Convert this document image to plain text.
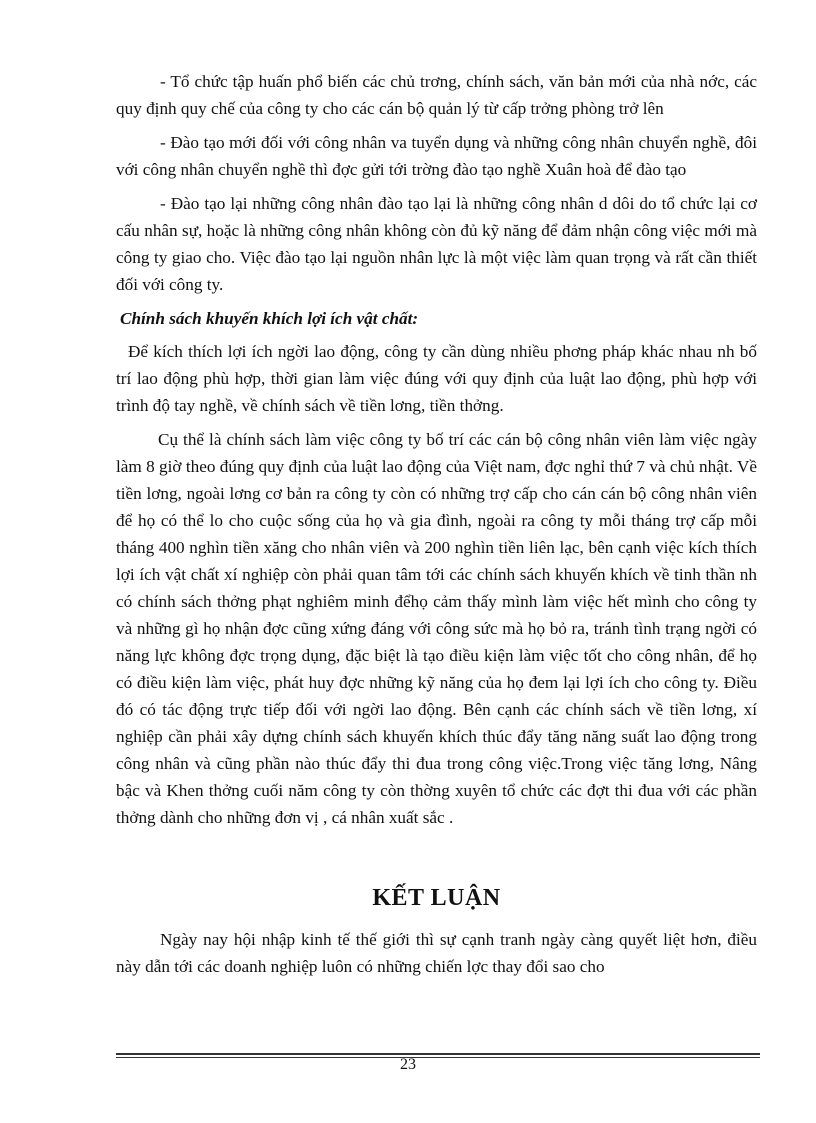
- Tổ chức tập huấn phổ biến các chủ trơng, chính sách, văn bản mới của nhà nớc, các quy định quy chế của công ty cho các cán bộ quản lý từ cấp trởng phòng trở lên

- Đào tạo mới đối với công nhân va tuyển dụng và những công nhân chuyển nghề, đôi với công nhân chuyển nghề thì đợc gửi tới trờng đào tạo nghề Xuân hoà để đào tạo

- Đào tạo lại những công nhân đào tạo lại là những công nhân d dôi do tổ chức lại cơ cấu nhân sự, hoặc là những công nhân không còn đủ kỹ năng để đảm nhận công việc mới mà công ty giao cho. Việc đào tạo lại nguồn nhân lực là một việc làm quan trọng và rất cần thiết đối với công ty.

Chính sách khuyến khích lợi ích vật chất:

Để kích thích lợi ích ngời lao động, công ty cần dùng nhiều phơng pháp khác nhau nh bố trí lao động phù hợp, thời gian làm việc đúng với quy định của luật lao động, phù hợp với trình độ tay nghề, về chính sách về tiền lơng, tiền thởng.

Cụ thể là chính sách làm việc công ty bố trí các cán bộ công nhân viên làm việc ngày làm 8 giờ theo đúng quy định của luật lao động của Việt nam, đợc nghỉ thứ 7 và chủ nhật. Về tiền lơng, ngoài lơng cơ bản ra công ty còn có những trợ cấp cho cán cán bộ công nhân viên để họ có thể lo cho cuộc sống của họ và gia đình, ngoài ra công ty mỗi tháng trợ cấp mỗi tháng 400 nghìn tiền xăng cho nhân viên và 200 nghìn tiền liên lạc, bên cạnh việc kích thích lợi ích vật chất xí nghiệp còn phải quan tâm tới các chính sách khuyến khích về tinh thần nh có chính sách thởng phạt nghiêm minh đểhọ cảm thấy mình làm việc hết mình cho công ty và những gì họ nhận đợc cũng xứng đáng với công sức mà họ bỏ ra, tránh tình trạng ngời có năng lực không đợc trọng dụng, đặc biệt là tạo điều kiện làm việc tốt cho công nhân, để họ có điều kiện làm việc, phát huy đợc những kỹ năng của họ đem lại lợi ích cho công ty. Điều đó có tác động trực tiếp đối với ngời lao động. Bên cạnh các chính sách về tiền lơng, xí nghiệp cần phải xây dựng chính sách khuyến khích thúc đẩy tăng năng suất lao động trong công nhân và cũng phần nào thúc đẩy thi đua trong công việc.Trong việc tăng lơng, Nâng bậc và Khen thởng cuối năm công ty còn thờng xuyên tổ chức các đợt thi đua với các phần thởng dành cho những đơn vị , cá nhân xuất sắc .

KẾT LUẬN

Ngày nay hội nhập kinh tế thế giới thì sự cạnh tranh ngày càng quyết liệt hơn, điều này dẫn tới các doanh nghiệp luôn có những chiến lợc thay đổi sao cho

23
